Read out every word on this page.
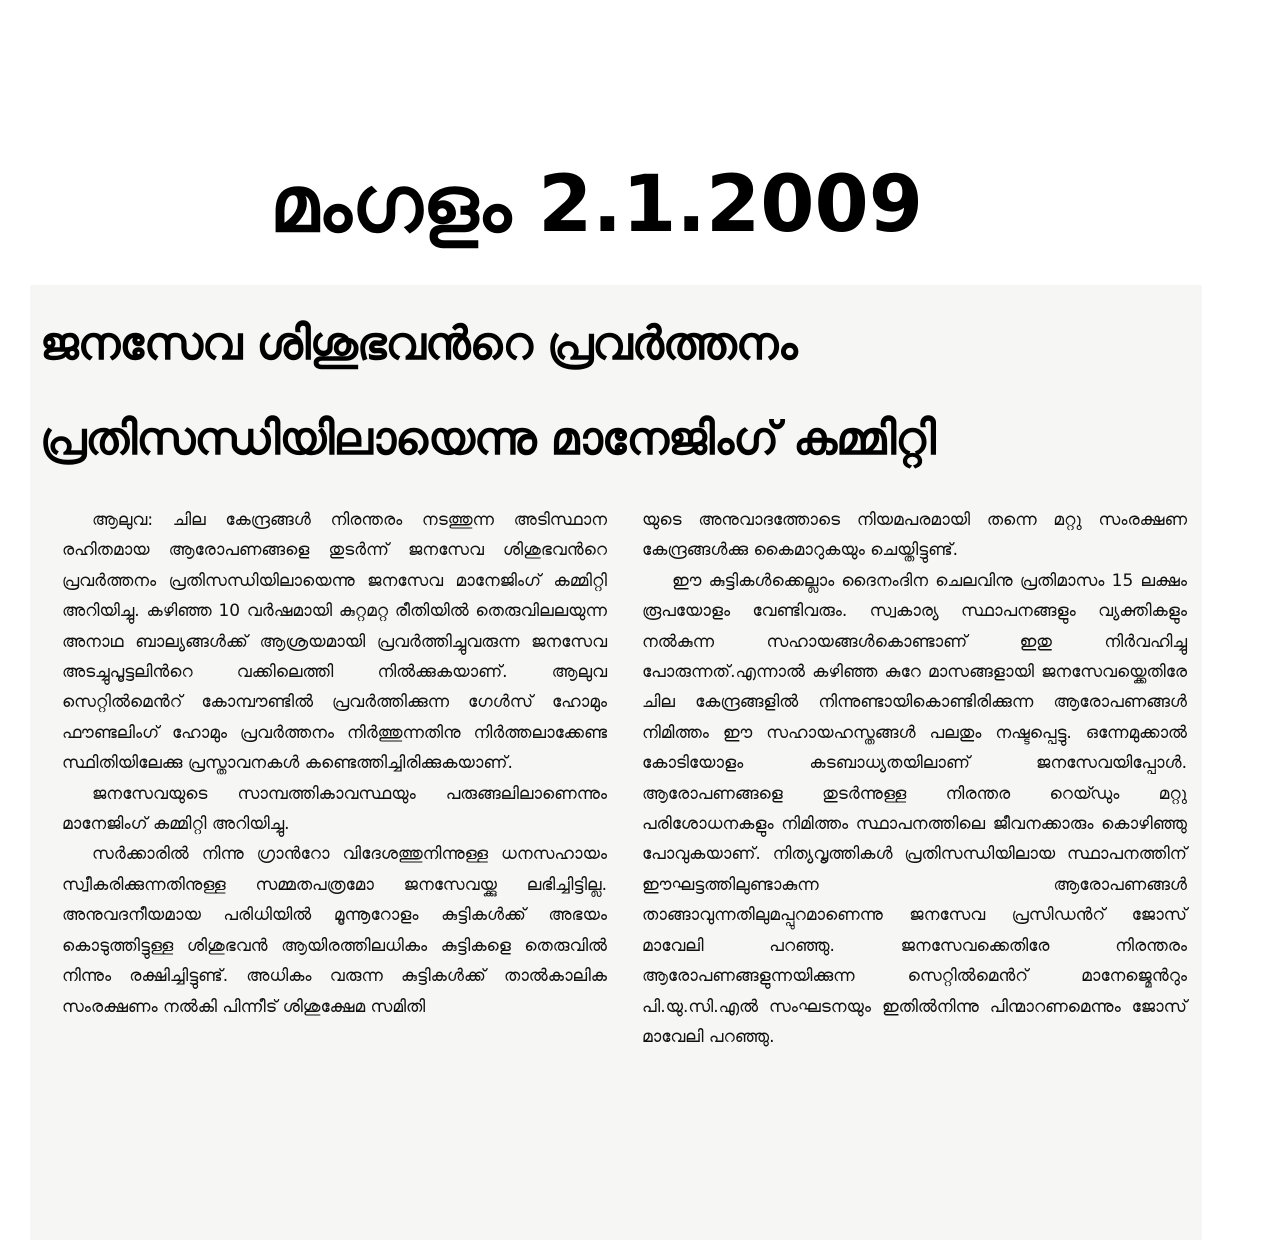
മംഗളം 2.1.2009
ജനസേവ ശിശുഭവന്‍റെ പ്രവര്‍ത്തനം
പ്രതിസന്ധിയിലായെന്നു മാനേജിംഗ് കമ്മിറ്റി

ആലുവ: ചില കേന്ദ്രങ്ങള്‍ നിരന്തരം നടത്തുന്ന അടിസ്ഥാന രഹിതമായ ആരോപണങ്ങളെ തുടര്‍ന്ന് ജനസേവ ശിശുഭവന്‍റെ പ്രവര്‍ത്തനം പ്രതിസന്ധിയിലായെന്നു ജനസേവ മാനേജിംഗ് കമ്മിറ്റി അറിയിച്ചു. കഴിഞ്ഞ 10 വര്‍ഷമായി കുറ്റമറ്റ രീതിയില്‍ തെരുവിലലയുന്ന അനാഥ ബാല്യങ്ങള്‍ക്ക് ആശ്രയമായി പ്രവര്‍ത്തിച്ചുവരുന്ന ജനസേവ അടച്ചുപൂട്ടലിന്‍റെ വക്കിലെത്തി നില്‍ക്കുകയാണ്. ആലുവ സെറ്റില്‍മെന്‍റ് കോമ്പൗണ്ടില്‍ പ്രവര്‍ത്തിക്കുന്ന ഗേള്‍സ് ഹോമും ഫൗണ്ടലിംഗ് ഹോമും പ്രവര്‍ത്തനം നിര്‍ത്തുന്നതിനു നിര്‍ത്തലാക്കേണ്ട സ്ഥിതിയിലേക്കു പ്രസ്താവനകള്‍ കണ്ടെത്തിച്ചിരിക്കുകയാണ്.

ജനസേവയുടെ സാമ്പത്തികാവസ്ഥയും പരുങ്ങലിലാണെന്നും മാനേജിംഗ് കമ്മിറ്റി അറിയിച്ചു.

സര്‍ക്കാരില്‍ നിന്നു ഗ്രാന്‍റോ വിദേശത്തുനിന്നുള്ള ധനസഹായം സ്വീകരിക്കുന്നതിനുള്ള സമ്മതപത്രമോ ജനസേവയ്ക്കു ലഭിച്ചിട്ടില്ല. അനുവദനീയമായ പരിധിയില്‍ മൂന്നൂറോളം കുട്ടികള്‍ക്ക് അഭയം കൊടുത്തിട്ടുള്ള ശിശുഭവന്‍ ആയിരത്തിലധികം കുട്ടികളെ തെരുവില്‍ നിന്നും രക്ഷിച്ചിട്ടുണ്ട്. അധികം വരുന്ന കുട്ടികള്‍ക്ക് താല്‍കാലിക സംരക്ഷണം നല്‍കി പിന്നീട് ശിശുക്ഷേമ സമിതി

യുടെ അനുവാദത്തോടെ നിയമപരമായി തന്നെ മറ്റു സംരക്ഷണ കേന്ദ്രങ്ങള്‍ക്കു കൈമാറുകയും ചെയ്തിട്ടുണ്ട്.

ഈ കുട്ടികള്‍ക്കെല്ലാം ദൈനംദിന ചെലവിനു പ്രതിമാസം 15 ലക്ഷം രൂപയോളം വേണ്ടിവരും. സ്വകാര്യ സ്ഥാപനങ്ങളും വ്യക്തികളും നല്‍കുന്ന സഹായങ്ങള്‍കൊണ്ടാണ് ഇതു നിര്‍വഹിച്ചു പോരുന്നത്.എന്നാല്‍ കഴിഞ്ഞ കുറേ മാസങ്ങളായി ജനസേവയ്ക്കെതിരേ ചില കേന്ദ്രങ്ങളില്‍ നിന്നുണ്ടായികൊണ്ടിരിക്കുന്ന ആരോപണങ്ങള്‍ നിമിത്തം ഈ സഹായഹസ്തങ്ങള്‍ പലതും നഷ്ടപ്പെട്ടു. ഒന്നേമുക്കാല്‍ കോടിയോളം കടബാധ്യതയിലാണ് ജനസേവയിപ്പോള്‍. ആരോപണങ്ങളെ തുടര്‍ന്നുള്ള നിരന്തര റെയ്ഡും മറ്റു പരിശോധനകളും നിമിത്തം സ്ഥാപനത്തിലെ ജീവനക്കാരും കൊഴിഞ്ഞു പോവുകയാണ്. നിത്യവൃത്തികള്‍ പ്രതിസന്ധിയിലായ സ്ഥാപനത്തിന് ഈഘട്ടത്തിലുണ്ടാകുന്ന ആരോപണങ്ങള്‍ താങ്ങാവുന്നതിലുമപ്പുറമാണെന്നു ജനസേവ പ്രസിഡന്‍റ് ജോസ് മാവേലി പറഞ്ഞു. ജനസേവക്കെതിരേ നിരന്തരം ആരോപണങ്ങളുന്നയിക്കുന്ന സെറ്റില്‍മെന്‍റ് മാനേജ്മെന്‍റും പി.യു.സി.എല്‍ സംഘടനയും ഇതില്‍നിന്നു പിന്മാറണമെന്നും ജോസ് മാവേലി പറഞ്ഞു.
